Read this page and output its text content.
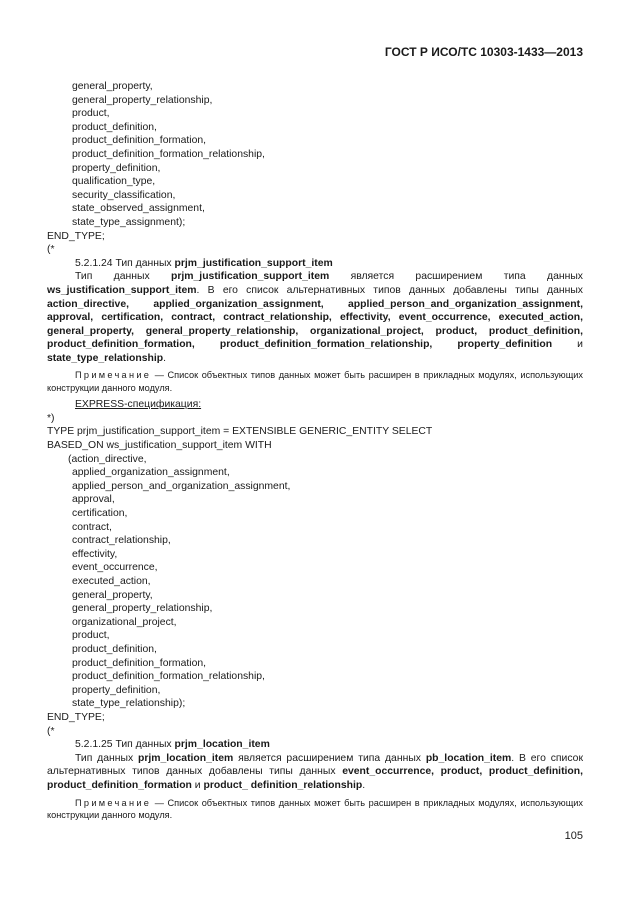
ГОСТ Р ИСО/ТС 10303-1433—2013
general_property,
general_property_relationship,
product,
product_definition,
product_definition_formation,
product_definition_formation_relationship,
property_definition,
qualification_type,
security_classification,
state_observed_assignment,
state_type_assignment);
END_TYPE;
(*
5.2.1.24 Тип данных prjm_justification_support_item
Тип данных prjm_justification_support_item является расширением типа данных ws_justification_support_item. В его список альтернативных типов данных добавлены типы данных action_directive, applied_organization_assignment, applied_person_and_organization_assignment, approval, certification, contract, contract_relationship, effectivity, event_occurrence, executed_action, general_property, general_property_relationship, organizational_project, product, product_definition, product_definition_formation, product_definition_formation_relationship, property_definition и state_type_relationship.
Примечание — Список объектных типов данных может быть расширен в прикладных модулях, использующих конструкции данного модуля.
EXPRESS-спецификация:
*)
TYPE prjm_justification_support_item = EXTENSIBLE GENERIC_ENTITY SELECT
BASED_ON ws_justification_support_item WITH
(action_directive,
applied_organization_assignment,
applied_person_and_organization_assignment,
approval,
certification,
contract,
contract_relationship,
effectivity,
event_occurrence,
executed_action,
general_property,
general_property_relationship,
organizational_project,
product,
product_definition,
product_definition_formation,
product_definition_formation_relationship,
property_definition,
state_type_relationship);
END_TYPE;
(*
5.2.1.25 Тип данных prjm_location_item
Тип данных prjm_location_item является расширением типа данных pb_location_item. В его список альтернативных типов данных добавлены типы данных event_occurrence, product, product_definition, product_definition_formation и product_ definition_relationship.
Примечание — Список объектных типов данных может быть расширен в прикладных модулях, использующих конструкции данного модуля.
105
